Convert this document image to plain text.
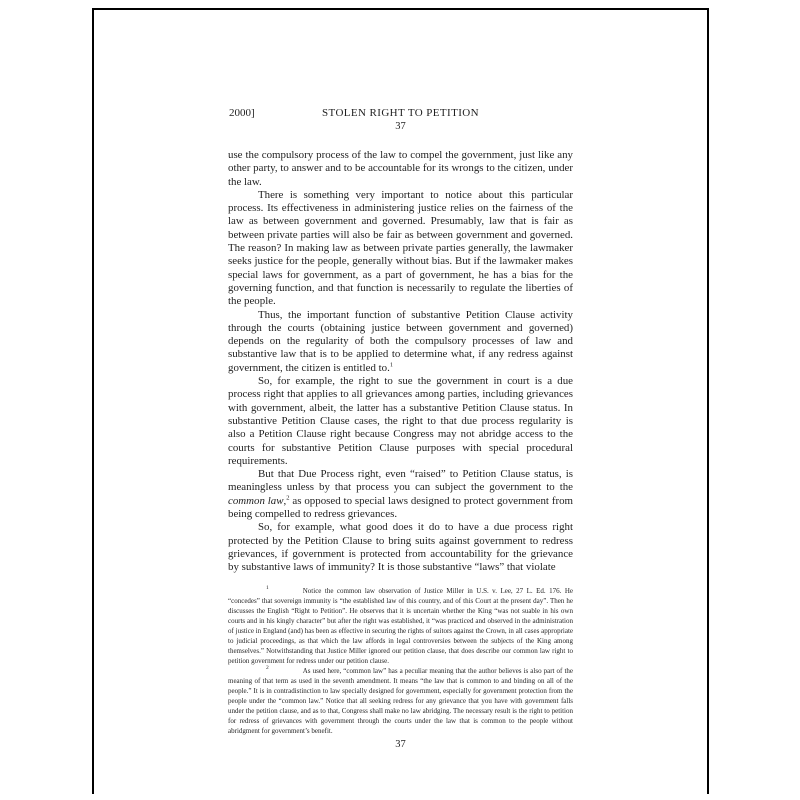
2000]	STOLEN RIGHT TO PETITION
37

use the compulsory process of the law to compel the government, just like any other party, to answer and to be accountable for its wrongs to the citizen, under the law.

There is something very important to notice about this particular process. Its effectiveness in administering justice relies on the fairness of the law as between government and governed. Presumably, law that is fair as between private parties will also be fair as between government and governed. The reason? In making law as between private parties generally, the lawmaker seeks justice for the people, generally without bias. But if the lawmaker makes special laws for government, as a part of government, he has a bias for the governing function, and that function is necessarily to regulate the liberties of the people.

Thus, the important function of substantive Petition Clause activity through the courts (obtaining justice between government and governed) depends on the regularity of both the compulsory processes of law and substantive law that is to be applied to determine what, if any redress against government, the citizen is entitled to.$^1$

So, for example, the right to sue the government in court is a due process right that applies to all grievances among parties, including grievances with government, albeit, the latter has a substantive Petition Clause status. In substantive Petition Clause cases, the right to that due process regularity is also a Petition Clause right because Congress may not abridge access to the courts for substantive Petition Clause purposes with special procedural requirements.

But that Due Process right, even “raised” to Petition Clause status, is meaningless unless by that process you can subject the government to the common law,$^2$ as opposed to special laws designed to protect government from being compelled to redress grievances.

So, for example, what good does it do to have a due process right protected by the Petition Clause to bring suits against government to redress grievances, if government is protected from accountability for the grievance by substantive laws of immunity? It is those substantive “laws” that violate

$^1$	Notice the common law observation of Justice Miller in U.S. v. Lee, 27 L. Ed. 176. He “concedes” that sovereign immunity is “the established law of this country, and of this Court at the present day”. Then he discusses the English “Right to Petition”. He observes that it is uncertain whether the King “was not suable in his own courts and in his kingly character” but after the right was established, it “was practiced and observed in the administration of justice in England (and) has been as effective in securing the rights of suitors against the Crown, in all cases appropriate to judicial proceedings, as that which the law affords in legal controversies between the subjects of the King among themselves.” Notwithstanding that Justice Miller ignored our petition clause, that does describe our common law right to petition government for redress under our petition clause.

$^2$	As used here, “common law” has a peculiar meaning that the author believes is also part of the meaning of that term as used in the seventh amendment. It means “the law that is common to and binding on all of the people.” It is in contradistinction to law specially designed for government, especially for government protection from the people under the “common law.” Notice that all seeking redress for any grievance that you have with government falls under the petition clause, and as to that, Congress shall make no law abridging. The necessary result is the right to petition for redress of grievances with government through the courts under the law that is common to the people without abridgment for government’s benefit.

37
